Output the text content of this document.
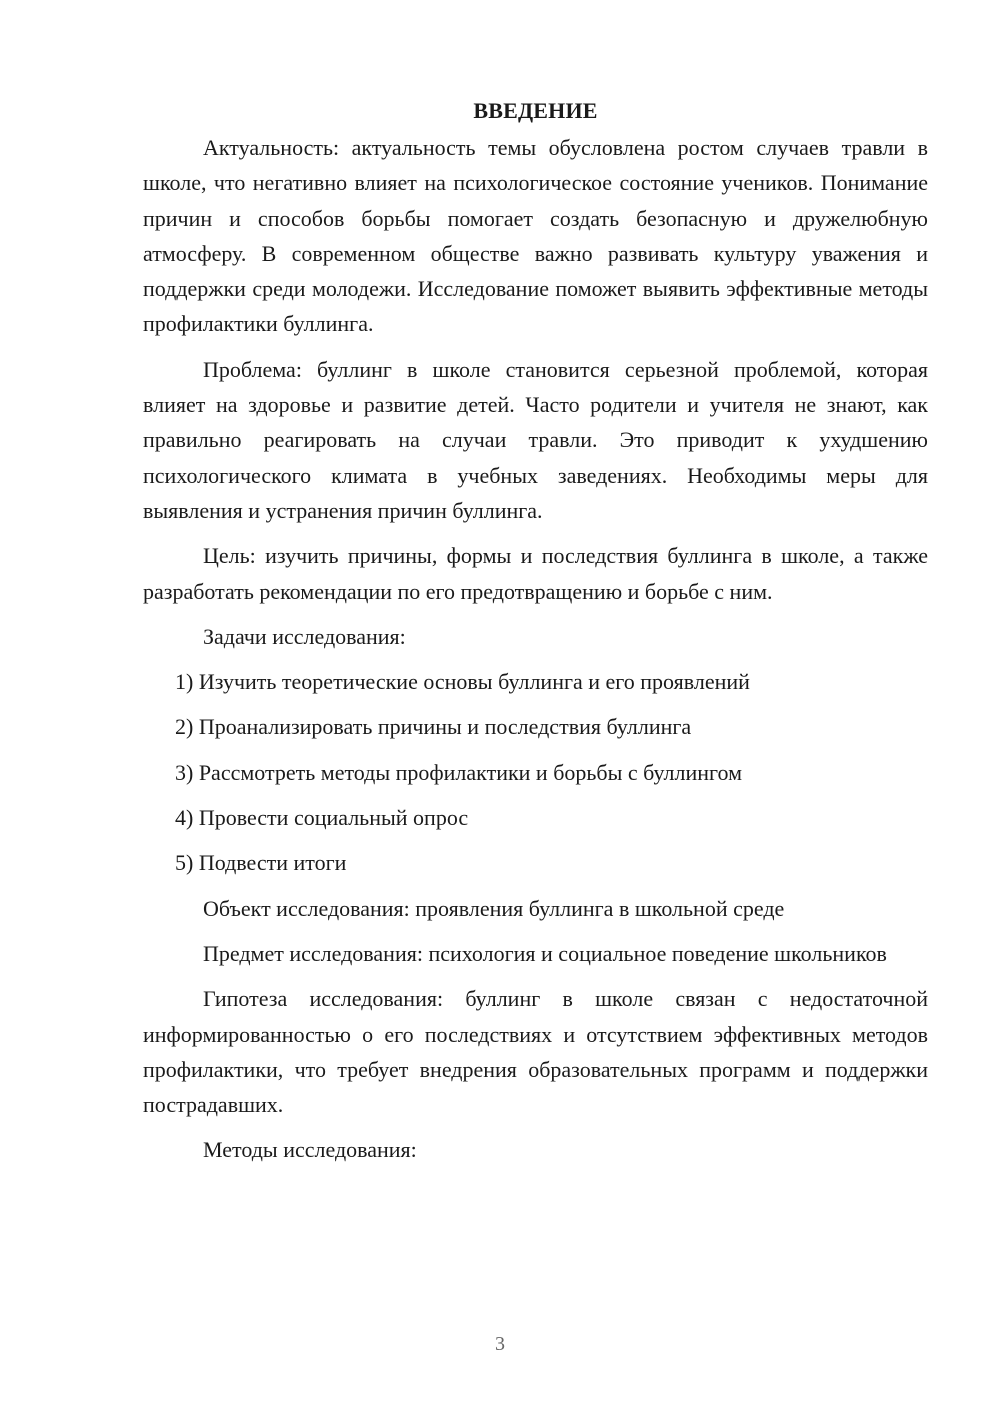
ВВЕДЕНИЕ

Актуальность: актуальность темы обусловлена ростом случаев травли в школе, что негативно влияет на психологическое состояние учеников. Понимание причин и способов борьбы помогает создать безопасную и дружелюбную атмосферу. В современном обществе важно развивать культуру уважения и поддержки среди молодежи. Исследование поможет выявить эффективные методы профилактики буллинга.

Проблема: буллинг в школе становится серьезной проблемой, которая влияет на здоровье и развитие детей. Часто родители и учителя не знают, как правильно реагировать на случаи травли. Это приводит к ухудшению психологического климата в учебных заведениях. Необходимы меры для выявления и устранения причин буллинга.

Цель: изучить причины, формы и последствия буллинга в школе, а также разработать рекомендации по его предотвращению и борьбе с ним.

Задачи исследования:

1) Изучить теоретические основы буллинга и его проявлений
2) Проанализировать причины и последствия буллинга
3) Рассмотреть методы профилактики и борьбы с буллингом
4) Провести социальный опрос
5) Подвести итоги

Объект исследования: проявления буллинга в школьной среде

Предмет исследования: психология и социальное поведение школьников

Гипотеза исследования: буллинг в школе связан с недостаточной информированностью о его последствиях и отсутствием эффективных методов профилактики, что требует внедрения образовательных программ и поддержки пострадавших.

Методы исследования:

3
